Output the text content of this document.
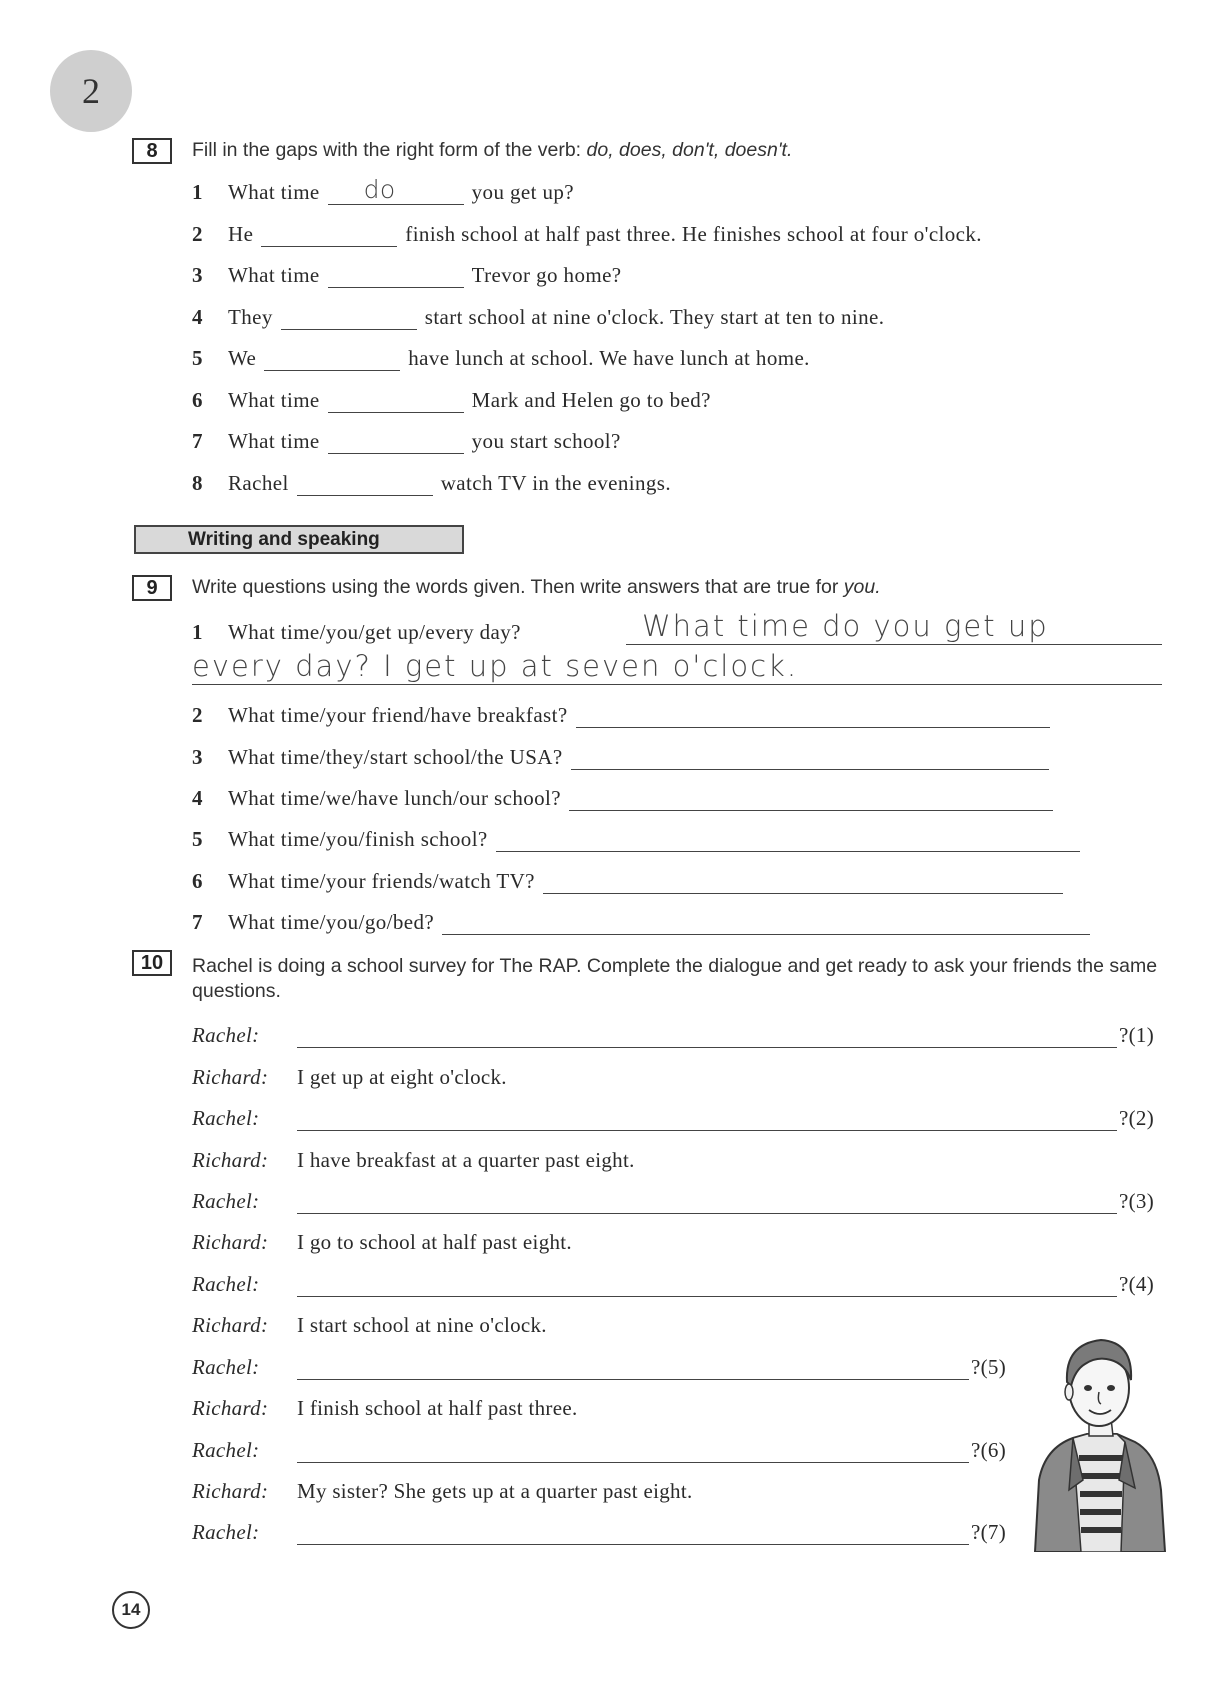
2
8	Fill in the gaps with the right form of the verb: do, does, don't, doesn't.
1	What time	do	you get up?
2	He	finish school at half past three. He finishes school at four o'clock.
3	What time	Trevor go home?
4	They	start school at nine o'clock. They start at ten to nine.
5	We	have lunch at school. We have lunch at home.
6	What time	Mark and Helen go to bed?
7	What time	you start school?
8	Rachel	watch TV in the evenings.
Writing and speaking
9	Write questions using the words given. Then write answers that are true for you.
1	What time/you/get up/every day?	What time do you get up
every day? I get up at seven o'clock.
2	What time/your friend/have breakfast?
3	What time/they/start school/the USA?
4	What time/we/have lunch/our school?
5	What time/you/finish school?
6	What time/your friends/watch TV?
7	What time/you/go/bed?
10	Rachel is doing a school survey for The RAP. Complete the dialogue and get ready to ask your friends the same questions.
Rachel:	?(1)
Richard:	I get up at eight o'clock.
Rachel:	?(2)
Richard:	I have breakfast at a quarter past eight.
Rachel:	?(3)
Richard:	I go to school at half past eight.
Rachel:	?(4)
Richard:	I start school at nine o'clock.
Rachel:	?(5)
Richard:	I finish school at half past three.
Rachel:	?(6)
Richard:	My sister? She gets up at a quarter past eight.
Rachel:	?(7)
14
